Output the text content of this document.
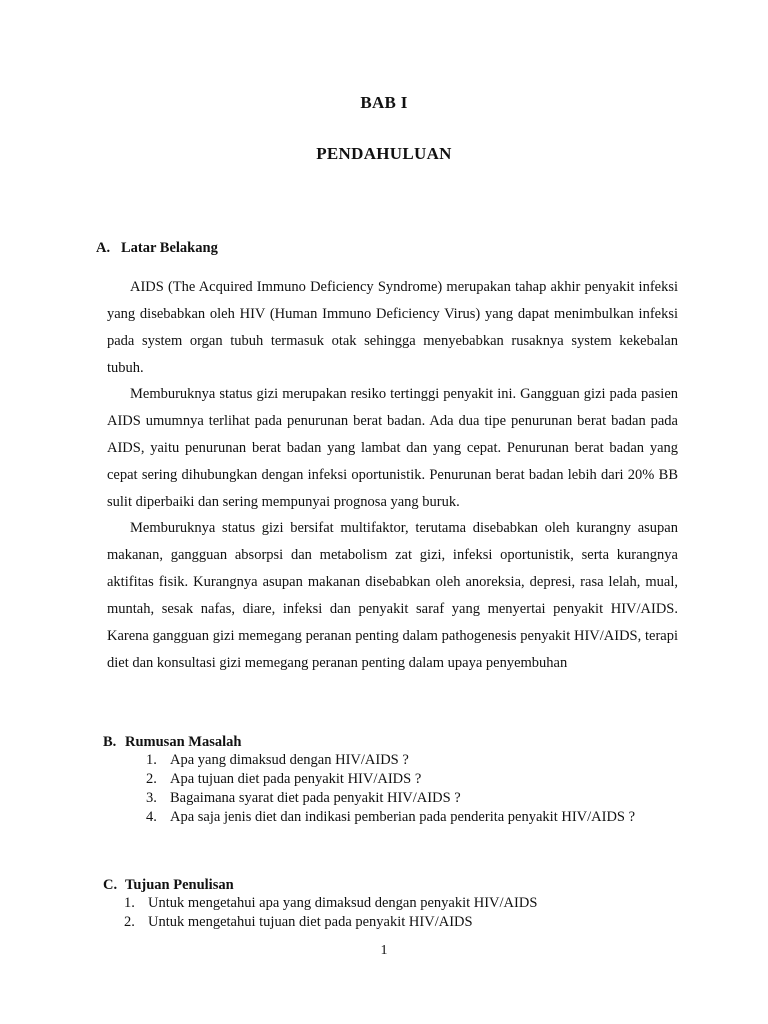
BAB I
PENDAHULUAN
A. Latar Belakang

AIDS (The Acquired Immuno Deficiency Syndrome) merupakan tahap akhir penyakit infeksi yang disebabkan oleh HIV (Human Immuno Deficiency Virus) yang dapat menimbulkan infeksi pada system organ tubuh termasuk otak sehingga menyebabkan rusaknya system kekebalan tubuh.

Memburuknya status gizi merupakan resiko tertinggi penyakit ini. Gangguan gizi pada pasien AIDS umumnya terlihat pada penurunan berat badan. Ada dua tipe penurunan berat badan pada AIDS, yaitu penurunan berat badan yang lambat dan yang cepat. Penurunan berat badan yang cepat sering dihubungkan dengan infeksi oportunistik. Penurunan berat badan lebih dari 20% BB sulit diperbaiki dan sering mempunyai prognosa yang buruk.

Memburuknya status gizi bersifat multifaktor, terutama disebabkan oleh kurangny asupan makanan, gangguan absorpsi dan metabolism zat gizi, infeksi oportunistik, serta kurangnya aktifitas fisik. Kurangnya asupan makanan disebabkan oleh anoreksia, depresi, rasa lelah, mual, muntah, sesak nafas, diare, infeksi dan penyakit saraf yang menyertai penyakit HIV/AIDS. Karena gangguan gizi memegang peranan penting dalam pathogenesis penyakit HIV/AIDS, terapi diet dan konsultasi gizi memegang peranan penting dalam upaya penyembuhan

B. Rumusan Masalah
1. Apa yang dimaksud dengan HIV/AIDS ?
2. Apa tujuan diet pada penyakit HIV/AIDS ?
3. Bagaimana syarat diet pada penyakit HIV/AIDS ?
4. Apa saja jenis diet dan indikasi pemberian pada penderita penyakit HIV/AIDS ?
C. Tujuan Penulisan
1. Untuk mengetahui apa yang dimaksud dengan penyakit HIV/AIDS
2. Untuk mengetahui tujuan diet pada penyakit HIV/AIDS
1
